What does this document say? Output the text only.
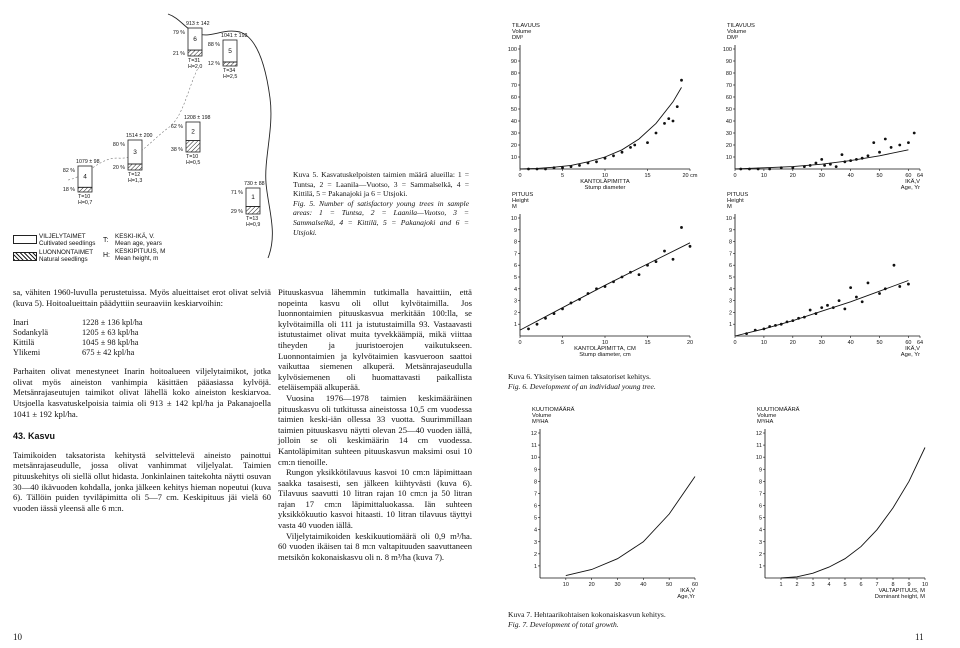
730 ± 88
1
71 %
29 %
T=13
H=0,9
1208 ± 198
2
62 %
38 %
T=10
H=0,5
1514 ± 200
3
80 %
20 %
T=12
H=1,3
1079 ± 98
4
82 %
18 %
T=10
H=0,7
1041 ± 192
5
88 %
12 %
T=34
H=2,5
913 ± 142
6
79 %
21 %
T=31
H=2,0
VILJELYTAIMET
Cultivated seedlings
LUONNONTAIMET
Natural seedlings
T:
KESKI-IKÄ, V.
Mean age, years
H:
KESKIPITUUS, M
Mean height, m
Kuva 5. Kasvatuskelpoisten taimien määrä alueilla: 1 = Tuntsa, 2 = Laanila—Vuotso, 3 = Sammalselkä, 4 = Kittilä, 5 = Pakanajoki ja 6 = Utsjoki.
Fig. 5. Number of satisfactory young trees in sample areas: 1 = Tuntsa, 2 = Laanila—Vuotso, 3 = Sammalselkä, 4 = Kittilä, 5 = Pakanajoki and 6 = Utsjoki.
sa, vähiten 1960-luvulla perustetuissa. Myös alueittaiset erot olivat selviä (kuva 5). Hoitoalueittain päädyttiin seuraaviin keskiarvoihin:
Inari	1228 ± 136 kpl/ha
Sodankylä	1205 ± 63 kpl/ha
Kittilä	1045 ± 98 kpl/ha
Ylikemi	675 ± 42 kpl/ha
Parhaiten olivat menestyneet Inarin hoitoalueen viljelytaimikot, jotka olivat myös aineiston vanhimpia käsittäen pääasiassa kylvöjä. Metsänrajaseutujen taimikot olivat lähellä koko aineiston keskiarvoa. Utsjoella kasvatuskelpoisia taimia oli 913 ± 142 kpl/ha ja Pakanajoella 1041 ± 192 kpl/ha.
43. Kasvu
Taimikoiden taksatorista kehitystä selvittelevä aineisto painottui metsänrajaseudulle, jossa olivat vanhimmat viljelyalat. Taimien pituuskehitys oli siellä ollut hidasta. Jonkinlainen taitekohta näytti osuvan 30—40 ikävuoden kohdalla, jonka jälkeen kehitys hieman nopeutui (kuva 6). Tällöin puiden tyviläpimitta oli 5—7 cm. Keskipituus jäi vielä 60 vuoden iässä yleensä alle 6 m:n.
Pituuskasvua lähemmin tutkimalla havaittiin, että nopeinta kasvu oli ollut kylvötaimilla. Jos luonnontaimien pituuskasvua merkitään 100:lla, se kylvötaimilla oli 111 ja istutustaimilla 93. Vastaavasti istutustaimet olivat muita tyvekkäämpiä, mikä viittaa tiheyden ja juuristoerojen vaikutukseen. Luonnontaimien ja kylvötaimien kasvueroon saattoi vaikuttaa siemenen alkuperä. Metsänrajaseudulla kylvösiemenen oli huomattavasti paikallista eteläisempää alkuperää.
Vuosina 1976—1978 taimien keskimääräinen pituuskasvu oli tutkitussa aineistossa 10,5 cm vuodessa taimien keski-iän ollessa 33 vuotta. Suurimmillaan taimien pituuskasvu näytti olevan 25—40 vuoden iällä, jolloin se oli keskimäärin 14 cm vuodessa. Kantoläpimitan suhteen pituuskasvun maksimi osui 10 cm:n tienoille.
Rungon yksikkötilavuus kasvoi 10 cm:n läpimittaan saakka tasaisesti, sen jälkeen kiihtyvästi (kuva 6). Tilavuus saavutti 10 litran rajan 10 cm:n ja 50 litran rajan 17 cm:n läpimittaluokassa. Iän suhteen yksikkökuutio kasvoi hitaasti. 10 litran tilavuus täyttyi vasta 40 vuoden iällä.
Viljelytaimikoiden keskikuutiomäärä oli 0,9 m³/ha. 60 vuoden ikäisen tai 8 m:n valtapituuden saavuttaneen metsikön kokonaiskasvu oli n. 8 m³/ha (kuva 7).
10	11
TILAVUUS
Volume
DM³
10
20
30
40
50
60
70
80
90
100
0	5	10	15	20 cm
KANTOLÄPIMITTA
Stump diameter
TILAVUUS
Volume
DM³
10
20
30
40
50
60
70
80
90
100
0	10	20	30	40	50	60 64
IKÄ,V
Age, Yr
PITUUS
Height
M
1
2
3
4
5
6
7
8
9
10
0	5	10	15	20
KANTOLÄPIMITTA, CM
Stump diameter, cm
PITUUS
Height
M
1
2
3
4
5
6
7
8
9
10
0	10	20	30	40	50	60 64
IKÄ,V
Age, Yr
Kuva 6. Yksityisen taimen taksatoriset kehitys.
Fig. 6. Development of an individual young tree.
KUUTIOMÄÄRÄ
Volume
M³/HA
1
2
3
4
5
6
7
8
9
10
11
12
10	20	30	40	50	60
IKÄ,V
Age,Yr
KUUTIOMÄÄRÄ
Volume
M³/HA
1
2
3
4
5
6
7
8
9
10
11
12
1 2 3 4 5 6 7 8 9 10
VALTAPITUUS, M
Dominant height, M
Kuva 7. Hehtaarikohtaisen kokonaiskasvun kehitys.
Fig. 7. Development of total growth.
